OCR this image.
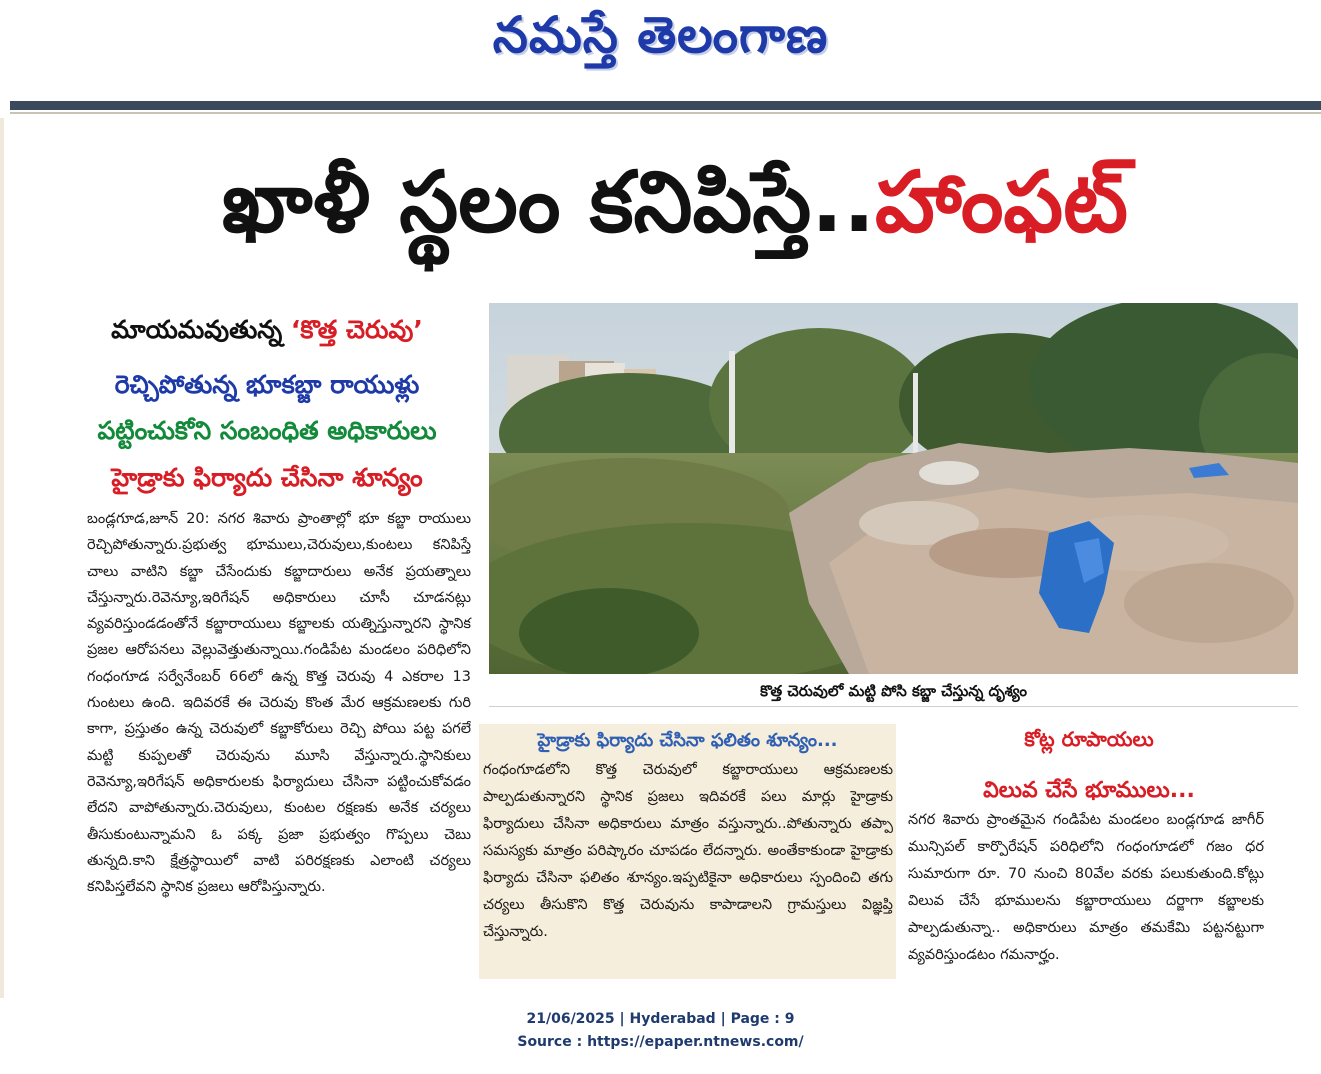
నమస్తే తెలంగాణ
ఖాళీ స్థలం కనిపిస్తే..హాంఫట్
మాయమవుతున్న ‘కొత్త చెరువు’
రెచ్చిపోతున్న భూకబ్జా రాయుళ్లు
పట్టించుకోని సంబంధిత అధికారులు
హైడ్రాకు ఫిర్యాదు చేసినా శూన్యం
బండ్లగూడ,జూన్ 20: నగర శివారు ప్రాంతాల్లో భూ కబ్జా రాయులు రెచ్చిపోతున్నారు.ప్రభుత్వ భూములు,చెరువులు,కుంటలు కనిపిస్తే చాలు వాటిని కబ్జా చేసేందుకు కబ్జాదారులు అనేక ప్రయత్నాలు చేస్తున్నారు.రెవెన్యూ,ఇరిగేషన్ అధికారులు చూసీ చూడనట్లు వ్యవరిస్తుండడంతోనే కబ్జారాయులు కబ్జాలకు యత్నిస్తున్నారని స్థానిక ప్రజల ఆరోపనలు వెల్లువెత్తుతున్నాయి.గండిపేట మండలం పరిధిలోని గంధంగూడ సర్వేనేంబర్ 66లో ఉన్న కొత్త చెరువు 4 ఎకరాల 13 గుంటలు ఉంది. ఇదివరకే ఈ చెరువు కొంత మేర ఆక్రమణలకు గురి కాగా, ప్రస్తుతం ఉన్న చెరువులో కబ్జాకోరులు రెచ్చి పోయి పట్ట పగలే మట్టి కుప్పలతో చెరువును మూసి వేస్తున్నారు.స్థానికులు రెవెన్యూ,ఇరిగేషన్ అధికారులకు ఫిర్యాదులు చేసినా పట్టించుకోవడం లేదని వాపోతున్నారు.చెరువులు, కుంటల రక్షణకు అనేక చర్యలు తీసుకుంటున్నామని ఓ పక్క ప్రజా ప్రభుత్వం గొప్పలు చెబు తున్నది.కాని క్షేత్రస్థాయిలో వాటి పరిరక్షణకు ఎలాంటి చర్యలు కనిపిస్తలేవని స్థానిక ప్రజలు ఆరోపిస్తున్నారు.
కొత్త చెరువులో మట్టి పోసి కబ్జా చేస్తున్న దృశ్యం
హైడ్రాకు ఫిర్యాదు చేసినా ఫలితం శూన్యం...
గంధంగూడలోని కొత్త చెరువులో కబ్జారాయులు ఆక్రమణలకు పాల్పడుతున్నారని స్థానిక ప్రజలు ఇదివరకే పలు మార్లు హైడ్రాకు ఫిర్యాదులు చేసినా అధికారులు మాత్రం వస్తున్నారు..పోతున్నారు తప్పా సమస్యకు మాత్రం పరిష్కారం చూపడం లేదన్నారు. అంతేకాకుండా హైడ్రాకు ఫిర్యాదు చేసినా ఫలితం శూన్యం.ఇప్పటికైనా అధికారులు స్పందించి తగు చర్యలు తీసుకొని కొత్త చెరువును కాపాడాలని గ్రామస్తులు విజ్ఞప్తి చేస్తున్నారు.
కోట్ల రూపాయలు
విలువ చేసే భూములు...
నగర శివారు ప్రాంతమైన గండిపేట మండలం బండ్లగూడ జాగీర్ మున్సిపల్ కార్పొరేషన్ పరిధిలోని గంధంగూడలో గజం ధర సుమారుగా రూ. 70 నుంచి 80వేల వరకు పలుకుతుంది.కోట్లు విలువ చేసే భూములను కబ్జారాయులు దర్జాగా కబ్జాలకు పాల్పడుతున్నా.. అధికారులు మాత్రం తమకేమి పట్టనట్టుగా వ్యవరిస్తుండటం గమనార్హం.
21/06/2025 | Hyderabad | Page : 9
Source : https://epaper.ntnews.com/
